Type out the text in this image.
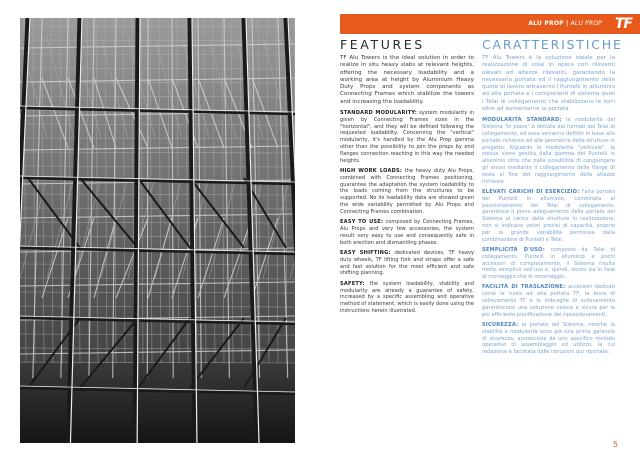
ALU PROP | ALU PROP TF
FEATURES

TF Alu Towers is the ideal solution in order to realize in situ heavy slabs at relevant heights, offering the necessary loadability and a working area at height by Aluminium Heavy Duty Props and system components as Connecting Frames which stabilize the towers and increasing the loadability.

STANDARD MODULARITY: system modularity in given by Connecting Frames sizes in the "horizontal", and they will be defined following the requested loadability. Concerning the "vertical" modularity, it's handled by the Alu Prop gamma other than the possibility to join the props by end flanges connection reaching in this way the needed heights.

HIGH WORK LOADS: the heavy duty Alu Props, combined with Connecting Frames positioning, guarantee the adaptation the system loadability to the loads coming from the structures to be supported. No its loadability data are showed given the wide variability permitted by Alu Props and Connecting Frames combination.

EASY TO USE: composed by Connecting Frames, Alu Props and very few accessories, the system result very easy to use and consequently safe in both erection and dismantling phases.

EASY SHIFTING: dedicated devices, TF heavy duty wheels, TF lifting fork and straps offer a safe and fast solution for the most efficient and safe shifting planning.

SAFETY: the system loadability, stability and modularity are already a guarantee of safety, increased by a specific assembling and operative method of statement, which is easily done using the instructions herein illustrated.

CARATTERISTICHE

TF Alu Towers è la soluzione ideale per la realizzazione di solai in opera con rilevanti elevati ed altezze rilevanti, garantendo la necessaria portata ed il raggiungimento delle quote di lavoro attraverso i Puntelli in alluminio ad alta portata e i componenti di sistema quali i Telai di collegamento che stabilizzano le torri oltre ad aumentarne la portata.

MODULARITÀ STANDARD: la modularità del Sistema "in piano" è dettata dai formati dei Telai di collegamento, ed essa verranno definiti in base alle portate richieste ed alle geometrie delle strutture in progetto. Riguardo la modularità "verticale", la stessa viene gestita dalla gamma dei Puntelli in alluminio oltre che dalla possibilità di congiungere gli stessi mediante il collegamento delle flange di testa al fine del raggiungimento delle altezze richieste.

ELEVATI CARICHI DI ESERCIZIO: l'alta portata dei Puntelli in alluminio, combinata al posizionamento dei Telai di collegamento, garantisce il pieno adeguamento della portata del Sistema al carico delle strutture in realizzazione, non si indicano valori precisi di capacità, proprio per la grande variabilità permessa dalla combinazione di Puntelli e Telai.

SEMPLICITÀ D'USO: composto da Telai di collegamento, Puntelli in alluminio e pochi accessori di completamento, il Sistema risulta molto semplice nell'uso e, quindi, sicuro sia in fase di montaggio che di smontaggio.

FACILITÀ DI TRASLAZIONE: accessori dedicati come le ruote ad alta portata TF, la forca di sollevamento TF e le imbraghe di sollevamento garantiscono una soluzione veloce e sicura per la più efficiente pianificazione dei riposizionamenti.

SICUREZZA: la portata del Sistema, nonché la stabilità e modularità sono già una prima garanzia di sicurezza, accresciuta da uno specifico metodo operativo di assemblaggio ed utilizzo, la cui redazione è facilitata dalle istruzioni qui riportate.

5
